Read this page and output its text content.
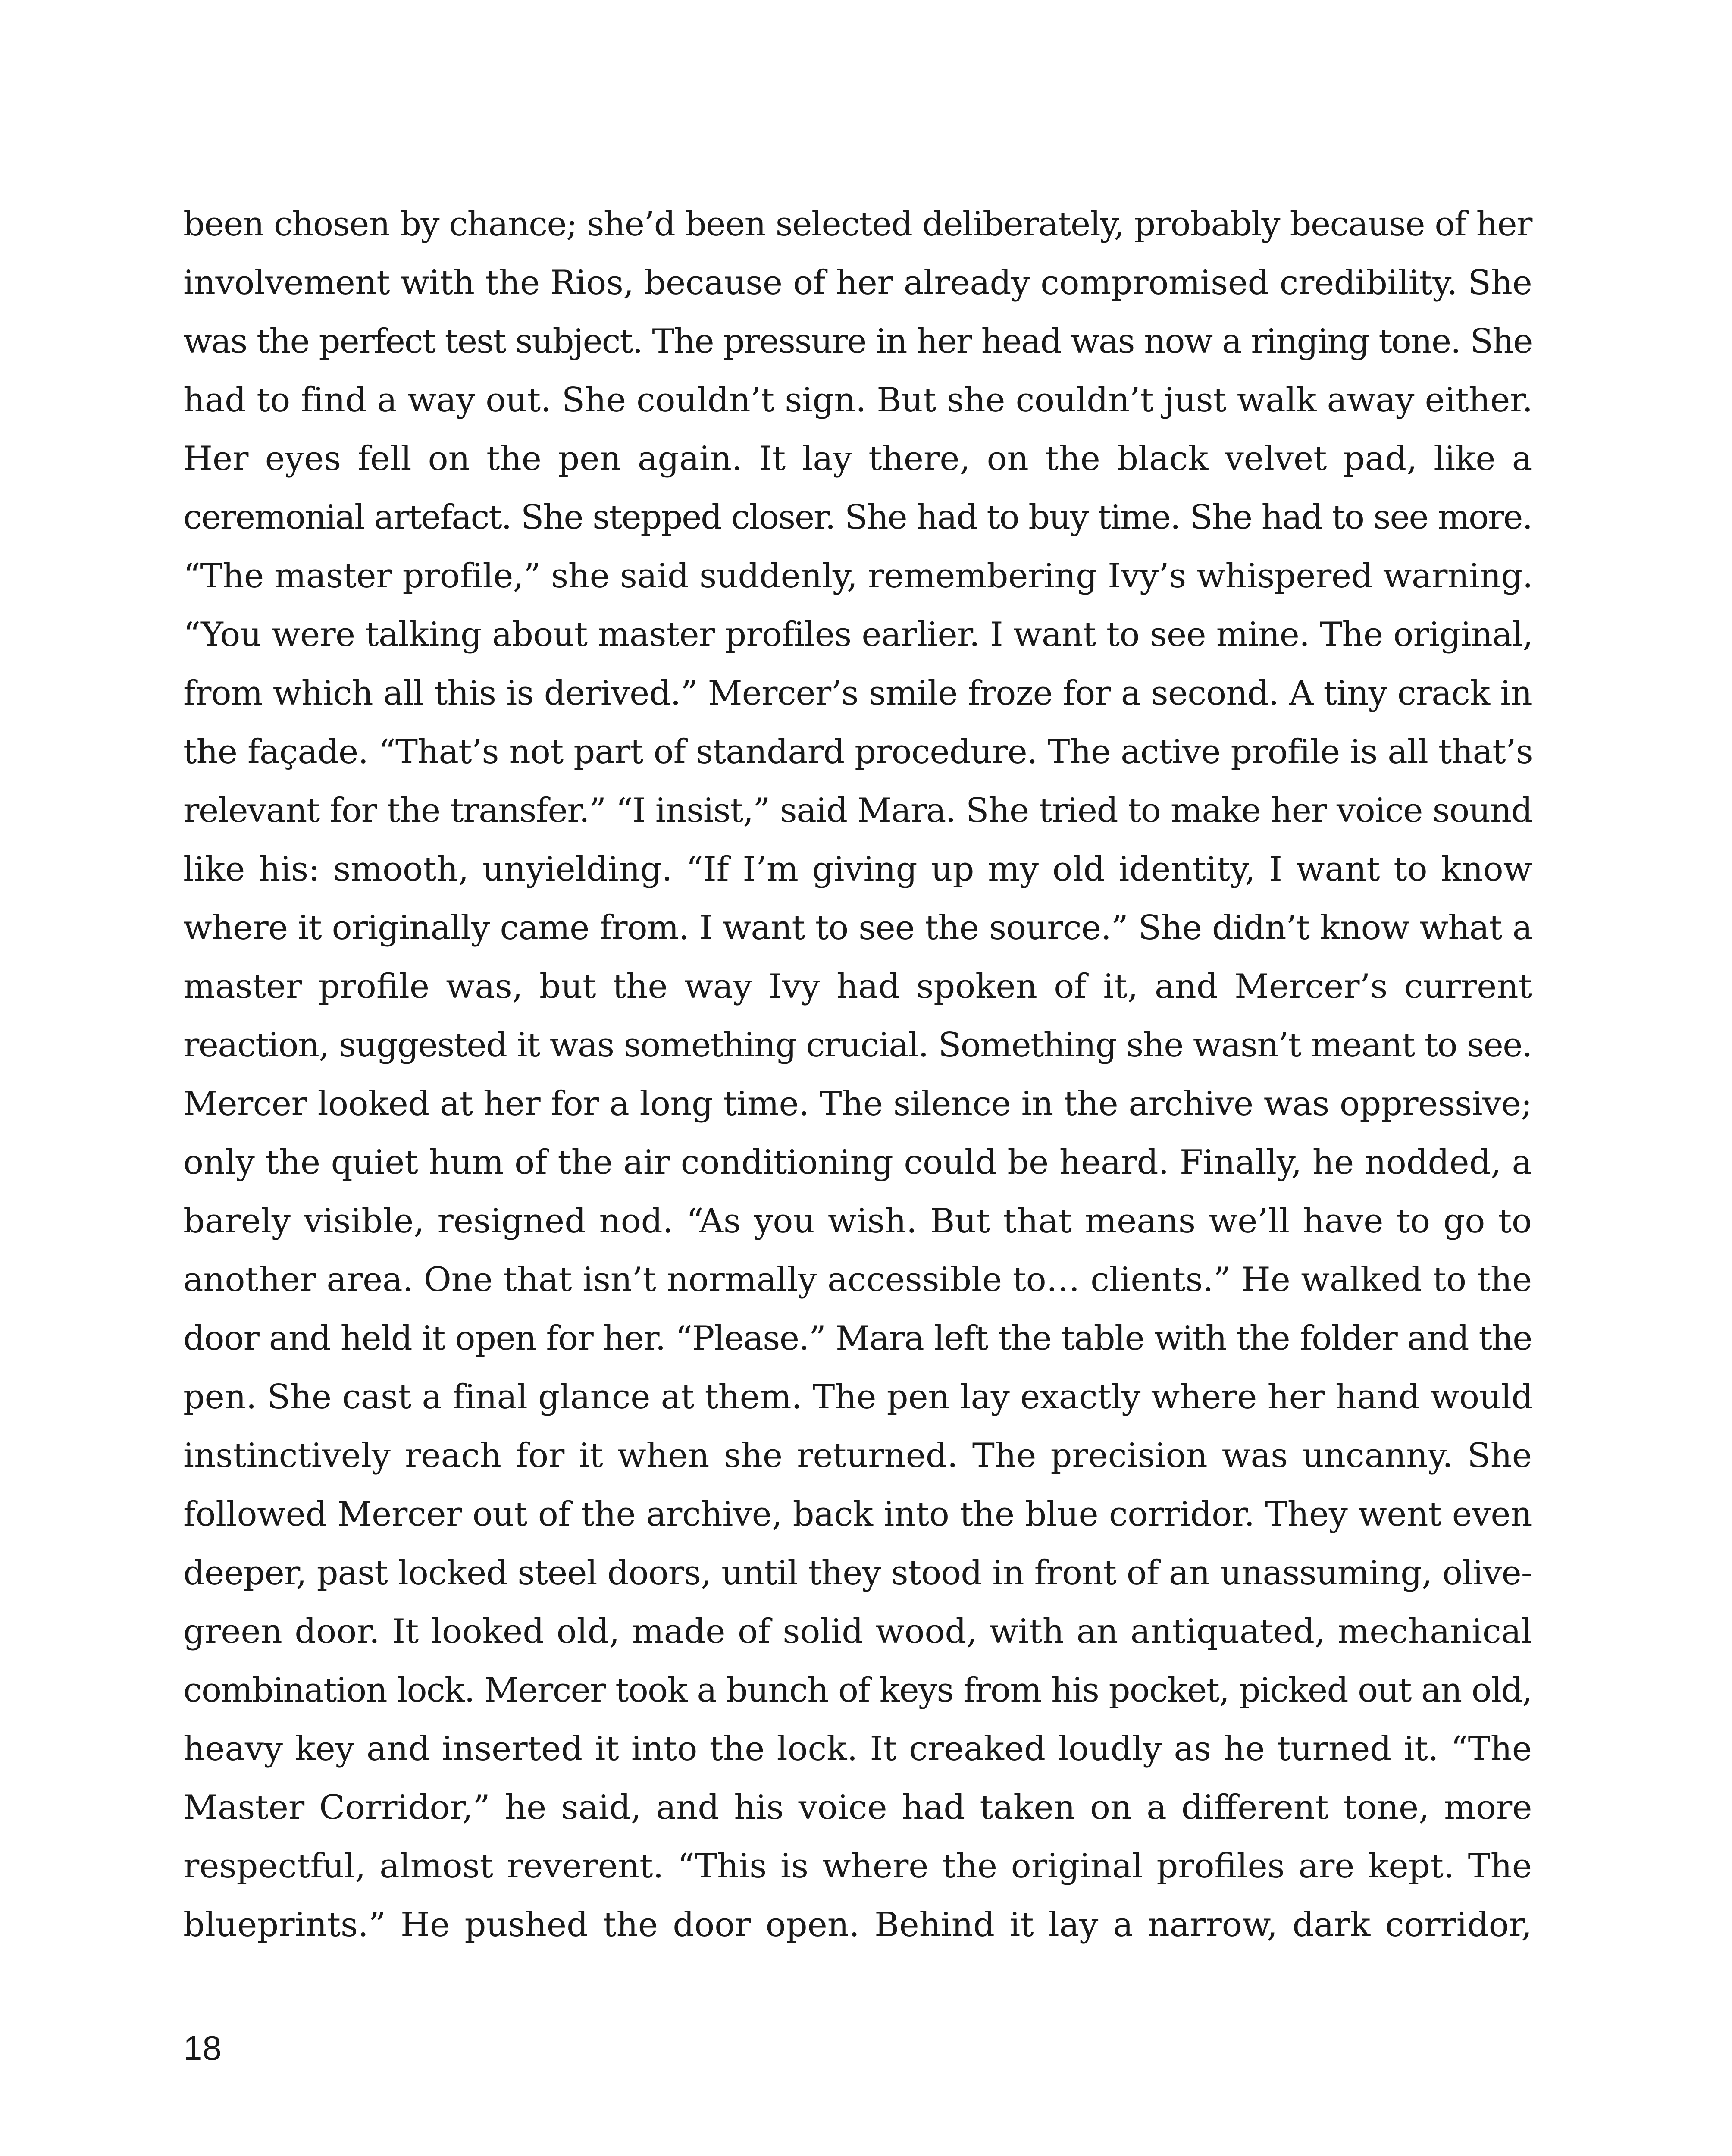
been chosen by chance; she’d been selected deliberately, probably because of her
involvement with the Rios, because of her already compromised credibility. She
was the perfect test subject. The pressure in her head was now a ringing tone. She
had to find a way out. She couldn’t sign. But she couldn’t just walk away either.
Her eyes fell on the pen again. It lay there, on the black velvet pad, like a
ceremonial artefact. She stepped closer. She had to buy time. She had to see more.
“The master profile,” she said suddenly, remembering Ivy’s whispered warning.
“You were talking about master profiles earlier. I want to see mine. The original,
from which all this is derived.” Mercer’s smile froze for a second. A tiny crack in
the façade. “That’s not part of standard procedure. The active profile is all that’s
relevant for the transfer.” “I insist,” said Mara. She tried to make her voice sound
like his: smooth, unyielding. “If I’m giving up my old identity, I want to know
where it originally came from. I want to see the source.” She didn’t know what a
master profile was, but the way Ivy had spoken of it, and Mercer’s current
reaction, suggested it was something crucial. Something she wasn’t meant to see.
Mercer looked at her for a long time. The silence in the archive was oppressive;
only the quiet hum of the air conditioning could be heard. Finally, he nodded, a
barely visible, resigned nod. “As you wish. But that means we’ll have to go to
another area. One that isn’t normally accessible to… clients.” He walked to the
door and held it open for her. “Please.” Mara left the table with the folder and the
pen. She cast a final glance at them. The pen lay exactly where her hand would
instinctively reach for it when she returned. The precision was uncanny. She
followed Mercer out of the archive, back into the blue corridor. They went even
deeper, past locked steel doors, until they stood in front of an unassuming, olive-
green door. It looked old, made of solid wood, with an antiquated, mechanical
combination lock. Mercer took a bunch of keys from his pocket, picked out an old,
heavy key and inserted it into the lock. It creaked loudly as he turned it. “The
Master Corridor,” he said, and his voice had taken on a different tone, more
respectful, almost reverent. “This is where the original profiles are kept. The
blueprints.” He pushed the door open. Behind it lay a narrow, dark corridor,
18
